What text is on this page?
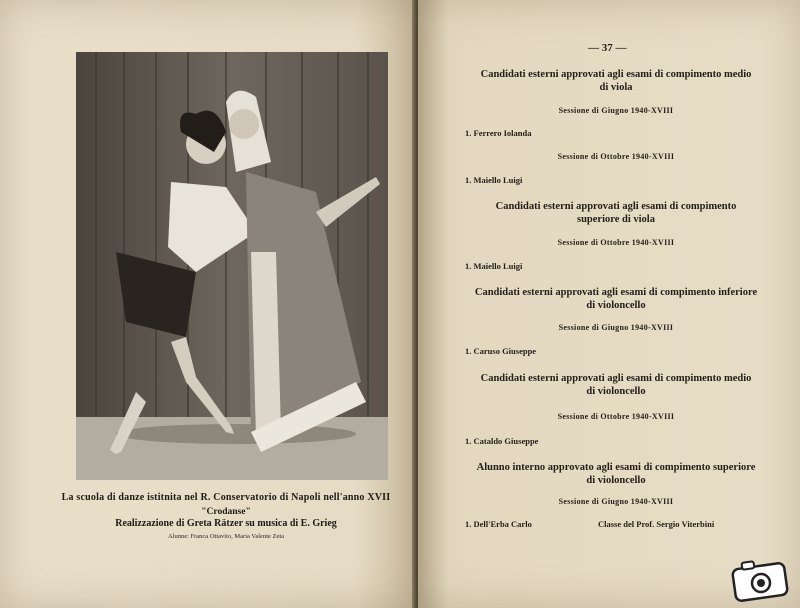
La scuola di danze istitnita nel R. Conservatorio di Napoli nell'anno XVII
"Crodanse"
Realizzazione di Greta Rätzer su musica di E. Grieg
Alunne: Franca Ottaviio, Maria Valente Zeta
— 37 —
Candidati esterni approvati agli esami di compimento medio
di viola
Sessione di Giugno 1940-XVIII
1. Ferrero Iolanda
Sessione di Ottobre 1940-XVIII
1. Maiello Luigi
Candidati esterni approvati agli esami di compimento
superiore di viola
Sessione di Ottobre 1940-XVIII
1. Maiello Luigi
Candidati esterni approvati agli esami di compimento inferiore
di violoncello
Sessione di Giugno 1940-XVIII
1. Caruso Giuseppe
Candidati esterni approvati agli esami di compimento medio
di violoncello
Sessione di Ottobre 1940-XVIII
1. Cataldo Giuseppe
Alunno interno approvato agli esami di compimento superiore
di violoncello
Sessione di Giugno 1940-XVIII
1. Dell'Erba Carlo	Classe del Prof. Sergio Viterbini
